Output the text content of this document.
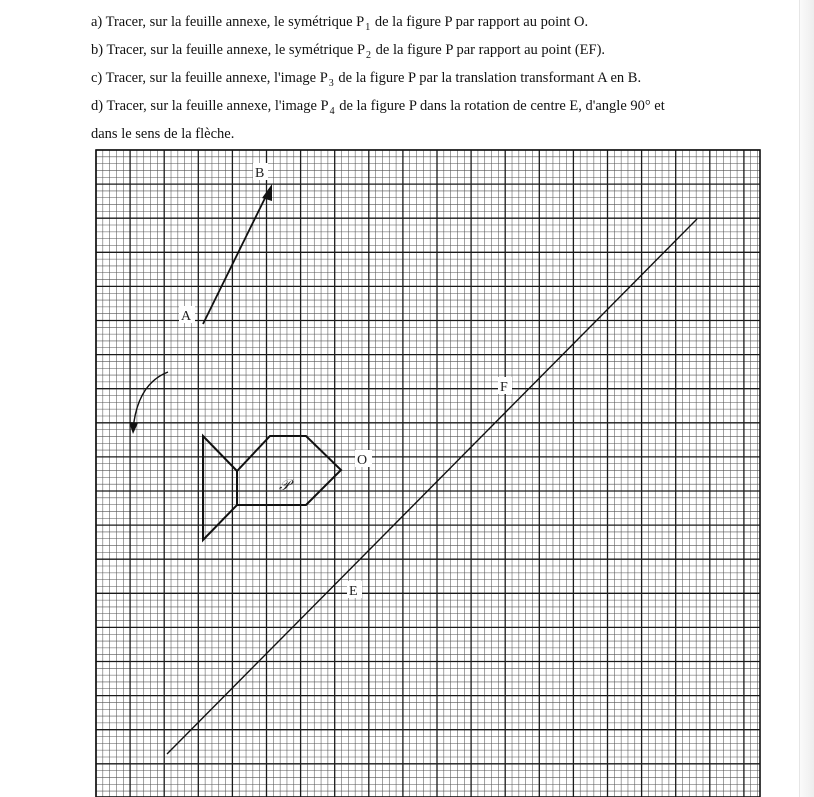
a) Tracer, sur la feuille annexe, le symétrique $P_1$ de la figure P par rapport au point O.
b) Tracer, sur la feuille annexe, le symétrique $P_2$ de la figure P par rapport au point (EF).
c) Tracer, sur la feuille annexe, l'image $P_3$ de la figure P par la translation transformant A en B.
d) Tracer, sur la feuille annexe, l'image $P_4$ de la figure P dans la rotation de centre E, d'angle 90° et
dans le sens de la flèche.
B
A
O
E
F
𝒫
